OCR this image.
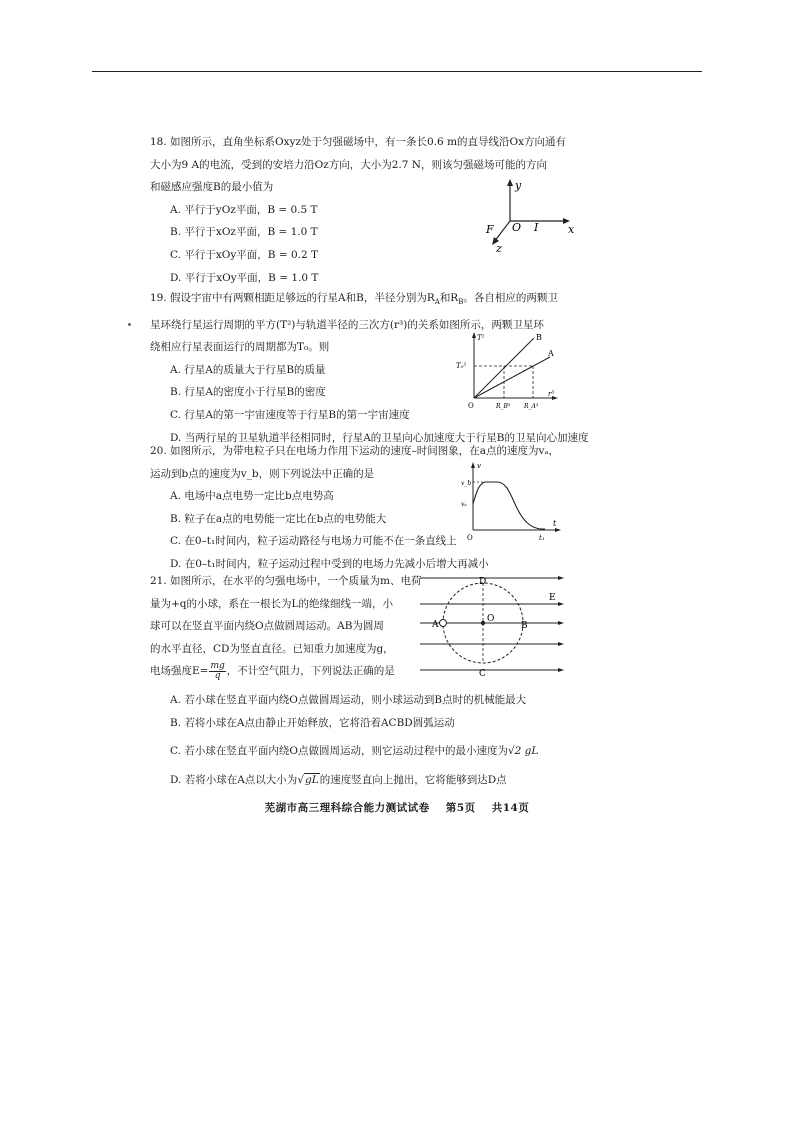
18. 如图所示，直角坐标系Oxyz处于匀强磁场中，有一条长0.6 m的直导线沿Ox方向通有

大小为9 A的电流，受到的安培力沿Oz方向，大小为2.7 N，则该匀强磁场可能的方向

和磁感应强度B的最小值为

A. 平行于yOz平面，B = 0.5 T

B. 平行于xOz平面，B = 1.0 T

C. 平行于xOy平面，B = 0.2 T

D. 平行于xOy平面，B = 1.0 T

y
O I	x
F
z

19. 假设宇宙中有两颗相距足够远的行星A和B，半径分别为$R_A$和$R_B$。各自相应的两颗卫

星环绕行星运行周期的平方(T²)与轨道半径的三次方(r³)的关系如图所示，两颗卫星环

绕相应行星表面运行的周期都为T₀。则

A. 行星A的质量大于行星B的质量

B. 行星A的密度小于行星B的密度

C. 行星A的第一宇宙速度等于行星B的第一宇宙速度

D. 当两行星的卫星轨道半径相同时，行星A的卫星向心加速度大于行星B的卫星向心加速度

T²	B
A
T₀²
O	R_B³ R_A³
r³

20. 如图所示，为带电粒子只在电场力作用下运动的速度–时间图象，在a点的速度为vₐ，

运动到b点的速度为v_b，则下列说法中正确的是

A. 电场中a点电势一定比b点电势高

B. 粒子在a点的电势能一定比在b点的电势能大

C. 在0–t₁时间内，粒子运动路径与电场力可能不在一条直线上

D. 在0–t₁时间内，粒子运动过程中受到的电场力先减小后增大再减小

v
v_b
vₐ
t
t₁
O

21. 如图所示，在水平的匀强电场中，一个质量为m、电荷

量为+q的小球，系在一根长为L的绝缘细线一端，小

球可以在竖直平面内绕O点做圆周运动。AB为圆周

的水平直径，CD为竖直直径。已知重力加速度为g，

电场强度$E= \frac{mg}{q}$ ，不计空气阻力，下列说法正确的是

A. 若小球在竖直平面内绕O点做圆周运动，则小球运动到B点时的机械能最大

B. 若将小球在A点由静止开始释放，它将沿着ACBD圆弧运动

C. 若小球在竖直平面内绕O点做圆周运动，则它运动过程中的最小速度为√2 gL

D. 若将小球在A点以大小为√gL的速度竖直向上抛出，它将能够到达D点

D
E
A
O
B
C
芜湖市高三理科综合能力测试试卷 第5页 共14页
